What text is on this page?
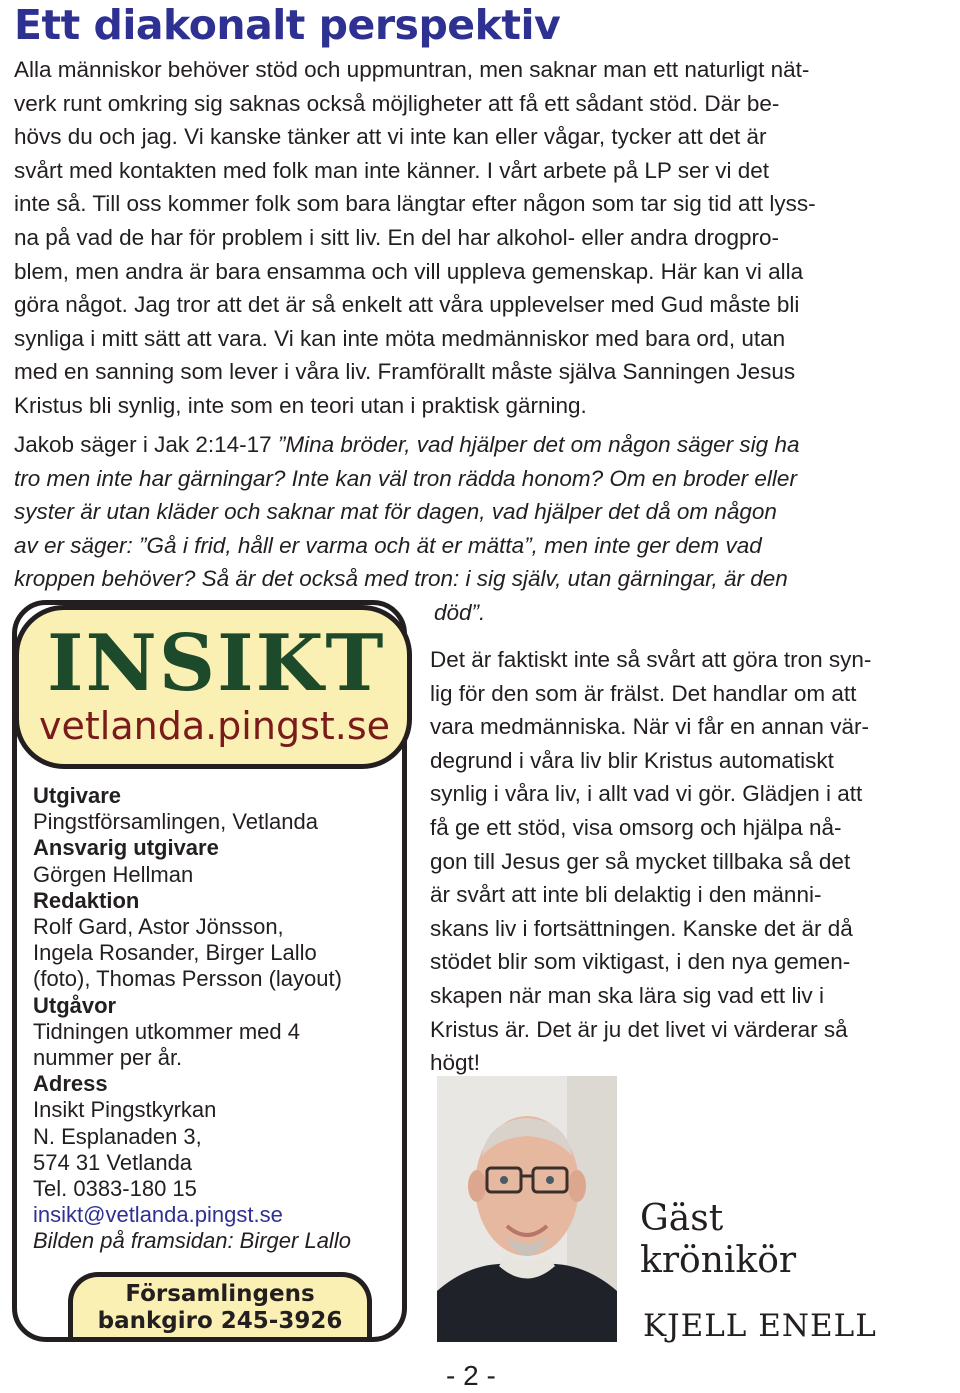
Ett diakonalt perspektiv
Alla människor behöver stöd och uppmuntran, men saknar man ett naturligt nät-
verk runt omkring sig saknas också möjligheter att få ett sådant stöd. Där be-
hövs du och jag. Vi kanske tänker att vi inte kan eller vågar, tycker att det är
svårt med kontakten med folk man inte känner. I vårt arbete på LP ser vi det
inte så. Till oss kommer folk som bara längtar efter någon som tar sig tid att lyss-
na på vad de har för problem i sitt liv. En del har alkohol- eller andra drogpro-
blem, men andra är bara ensamma och vill uppleva gemenskap. Här kan vi alla
göra något. Jag tror att det är så enkelt att våra upplevelser med Gud måste bli
synliga i mitt sätt att vara. Vi kan inte möta medmänniskor med bara ord, utan
med en sanning som lever i våra liv. Framförallt måste själva Sanningen Jesus
Kristus bli synlig, inte som en teori utan i praktisk gärning.
Jakob säger i Jak 2:14-17 ”Mina bröder, vad hjälper det om någon säger sig ha
tro men inte har gärningar? Inte kan väl tron rädda honom? Om en broder eller
syster är utan kläder och saknar mat för dagen, vad hjälper det då om någon
av er säger: ”Gå i frid, håll er varma och ät er mätta”, men inte ger dem vad
kroppen behöver? Så är det också med tron: i sig själv, utan gärningar, är den
död”.
INSIKT
vetlanda.pingst.se
Utgivare
Pingstförsamlingen, Vetlanda
Ansvarig utgivare
Görgen Hellman
Redaktion
Rolf Gard, Astor Jönsson,
Ingela Rosander, Birger Lallo
(foto), Thomas Persson (layout)
Utgåvor
Tidningen utkommer med 4
nummer per år.
Adress
Insikt Pingstkyrkan
N. Esplanaden 3,
574 31 Vetlanda
Tel. 0383-180 15
insikt@vetlanda.pingst.se
Bilden på framsidan: Birger Lallo
Församlingens
bankgiro 245-3926
Det är faktiskt inte så svårt att göra tron syn-
lig för den som är frälst. Det handlar om att
vara medmänniska. När vi får en annan vär-
degrund i våra liv blir Kristus automatiskt
synlig i våra liv, i allt vad vi gör. Glädjen i att
få ge ett stöd, visa omsorg och hjälpa nå-
gon till Jesus ger så mycket tillbaka så det
är svårt att inte bli delaktig i den männi-
skans liv i fortsättningen. Kanske det är då
stödet blir som viktigast, i den nya gemen-
skapen när man ska lära sig vad ett liv i
Kristus är. Det är ju det livet vi värderar så
högt!
Gäst
krönikör
KJELL ENELL
- 2 -
